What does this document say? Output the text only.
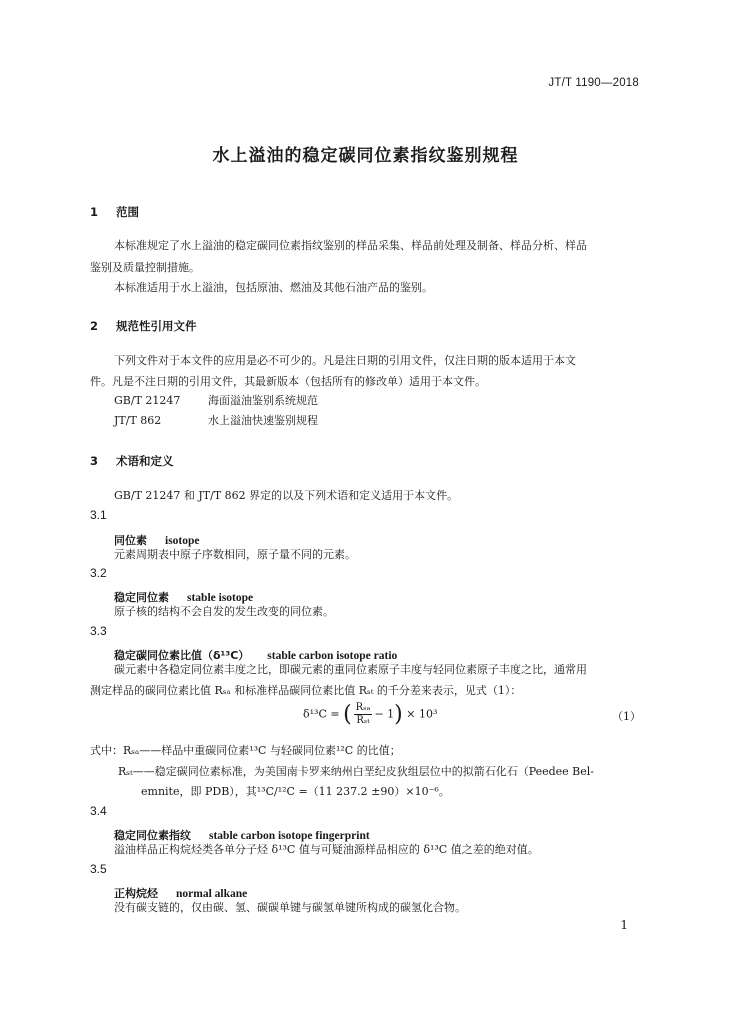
JT/T 1190—2018
水上溢油的稳定碳同位素指纹鉴别规程
1 范围
本标准规定了水上溢油的稳定碳同位素指纹鉴别的样品采集、样品前处理及制备、样品分析、样品
鉴别及质量控制措施。
本标准适用于水上溢油，包括原油、燃油及其他石油产品的鉴别。
2 规范性引用文件
下列文件对于本文件的应用是必不可少的。凡是注日期的引用文件，仅注日期的版本适用于本文
件。凡是不注日期的引用文件，其最新版本（包括所有的修改单）适用于本文件。
GB/T 21247	海面溢油鉴别系统规范
JT/T 862	水上溢油快速鉴别规程
3 术语和定义
GB/T 21247 和 JT/T 862 界定的以及下列术语和定义适用于本文件。
3.1
同位素 isotope
元素周期表中原子序数相同，原子量不同的元素。
3.2
稳定同位素 stable isotope
原子核的结构不会自发的发生改变的同位素。
3.3
稳定碳同位素比值（δ¹³C） stable carbon isotope ratio
碳元素中各稳定同位素丰度之比，即碳元素的重同位素原子丰度与轻同位素原子丰度之比，通常用
测定样品的碳同位素比值 Rₛₐ 和标准样品碳同位素比值 Rₛₜ 的千分差来表示，见式（1）：
δ¹³C = ( $\frac{\text{Rₛₐ}}{\text{Rₛₜ}} - 1) \times 10^3$	（1）
式中：Rₛₐ——样品中重碳同位素¹³C 与轻碳同位素¹²C 的比值；
Rₛₜ——稳定碳同位素标准，为美国南卡罗来纳州白垩纪皮狄组层位中的拟箭石化石（Peedee Bel-
emnite，即 PDB），其¹³C/¹²C =（11 237.2 ±90）×10⁻⁶。
3.4
稳定同位素指纹 stable carbon isotope fingerprint
溢油样品正构烷烃类各单分子烃 δ¹³C 值与可疑油源样品相应的 δ¹³C 值之差的绝对值。
3.5
正构烷烃 normal alkane
没有碳支链的，仅由碳、氢、碳碳单键与碳氢单键所构成的碳氢化合物。
1
